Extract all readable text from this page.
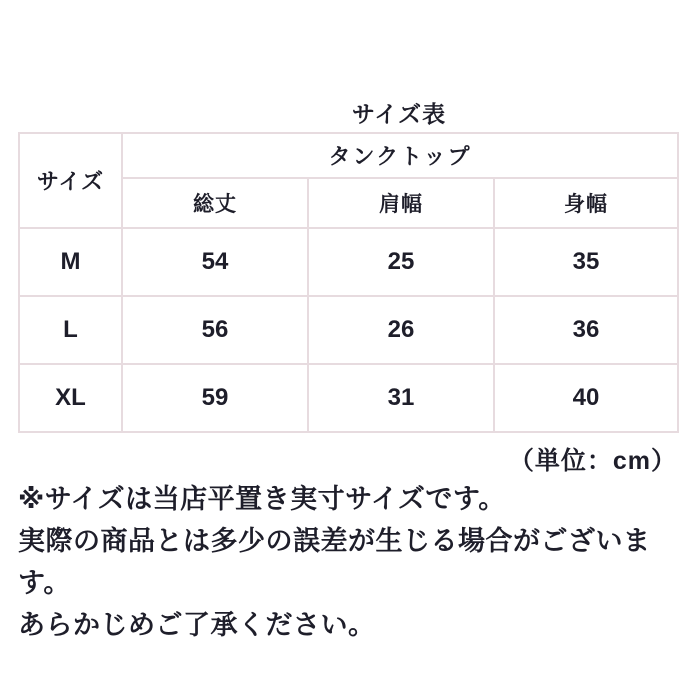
サイズ表
サイズ	タンクトップ		
	総丈	肩幅	身幅
M	54	25	35
L	56	26	36
XL	59	31	40
（単位：cm）

※サイズは当店平置き実寸サイズです。

実際の商品とは多少の誤差が生じる場合がございます。

あらかじめご了承ください。
